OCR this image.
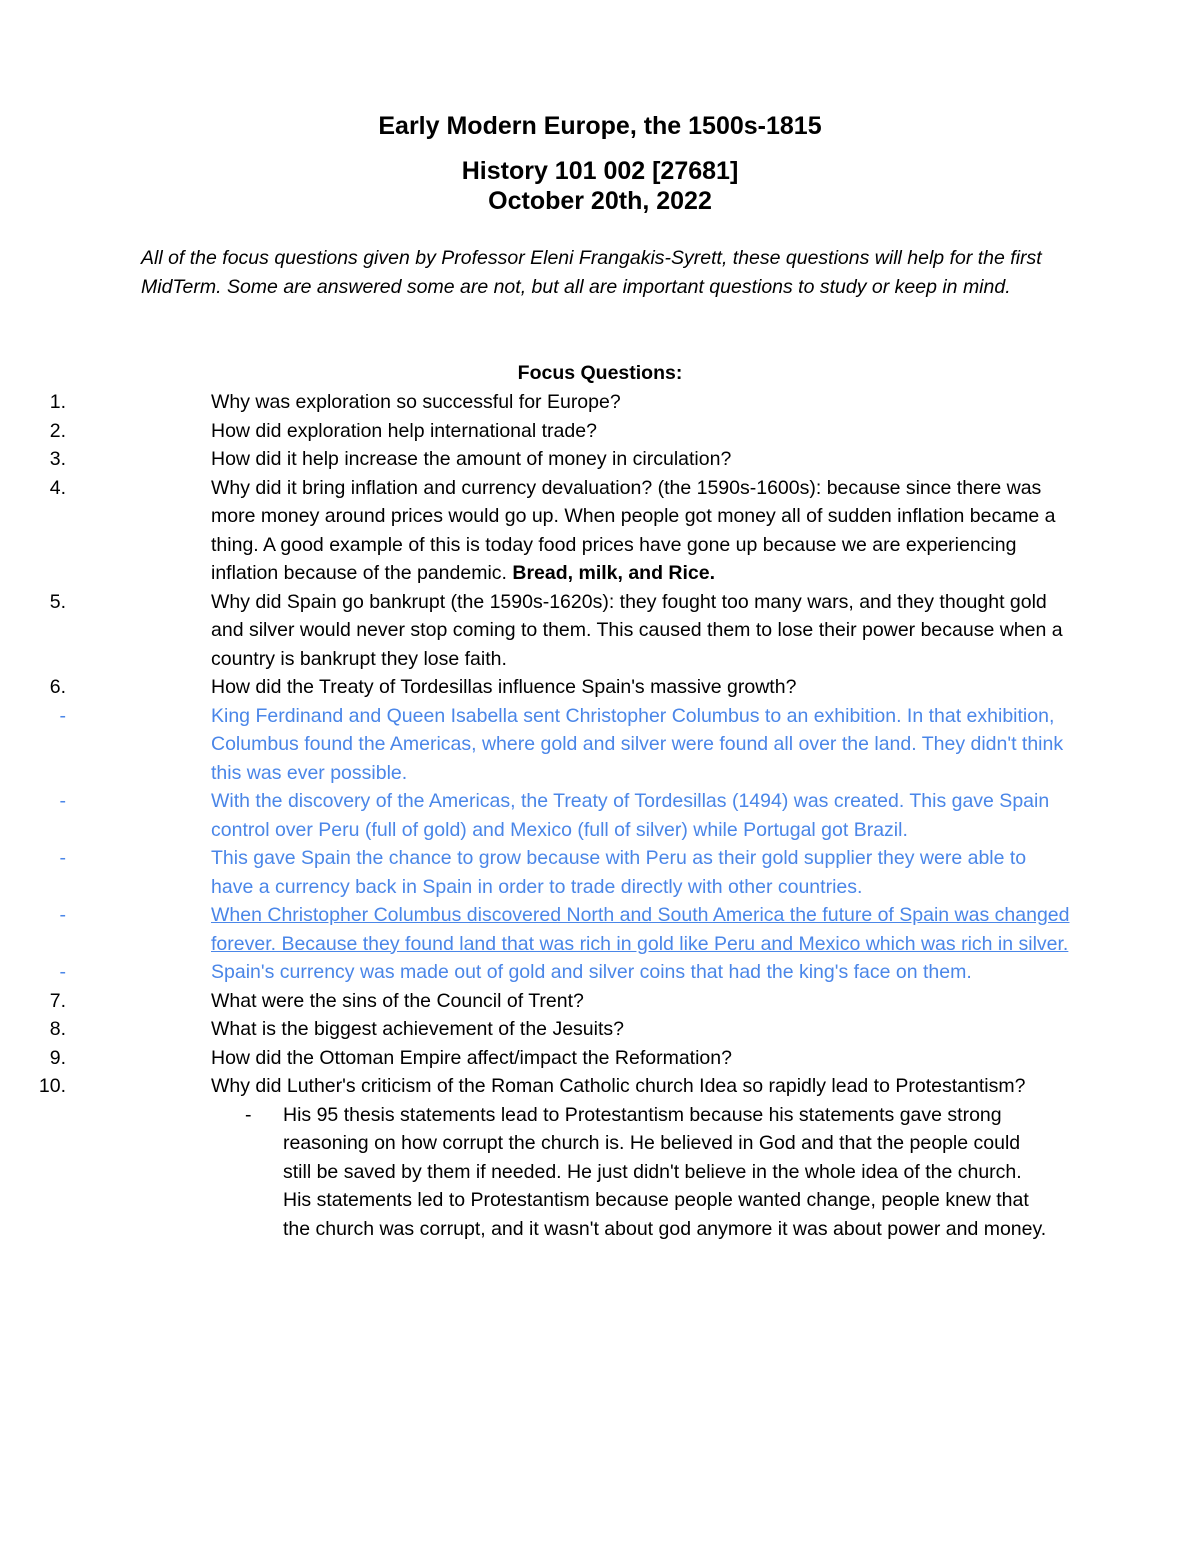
Early Modern Europe, the 1500s-1815
History 101 002 [27681]
October 20th, 2022

All of the focus questions given by Professor Eleni Frangakis-Syrett, these questions will help for the first MidTerm. Some are answered some are not, but all are important questions to study or keep in mind.

Focus Questions:

1.	Why was exploration so successful for Europe?
2.	How did exploration help international trade?
3.	How did it help increase the amount of money in circulation?
4.	Why did it bring inflation and currency devaluation? (the 1590s-1600s): because since there was more money around prices would go up. When people got money all of sudden inflation became a thing. A good example of this is today food prices have gone up because we are experiencing inflation because of the pandemic. Bread, milk, and Rice.
5.	Why did Spain go bankrupt (the 1590s-1620s): they fought too many wars, and they thought gold and silver would never stop coming to them. This caused them to lose their power because when a country is bankrupt they lose faith.
6.	How did the Treaty of Tordesillas influence Spain's massive growth?
-	King Ferdinand and Queen Isabella sent Christopher Columbus to an exhibition. In that exhibition, Columbus found the Americas, where gold and silver were found all over the land. They didn't think this was ever possible.
-	With the discovery of the Americas, the Treaty of Tordesillas (1494) was created. This gave Spain control over Peru (full of gold) and Mexico (full of silver) while Portugal got Brazil.
-	This gave Spain the chance to grow because with Peru as their gold supplier they were able to have a currency back in Spain in order to trade directly with other countries.
-	When Christopher Columbus discovered North and South America the future of Spain was changed forever. Because they found land that was rich in gold like Peru and Mexico which was rich in silver.
-	Spain's currency was made out of gold and silver coins that had the king's face on them.
7.	What were the sins of the Council of Trent?
8.	What is the biggest achievement of the Jesuits?
9.	How did the Ottoman Empire affect/impact the Reformation?
10.	Why did Luther's criticism of the Roman Catholic church Idea so rapidly lead to Protestantism?
- His 95 thesis statements lead to Protestantism because his statements gave strong reasoning on how corrupt the church is. He believed in God and that the people could still be saved by them if needed. He just didn't believe in the whole idea of the church. His statements led to Protestantism because people wanted change, people knew that the church was corrupt, and it wasn't about god anymore it was about power and money.
